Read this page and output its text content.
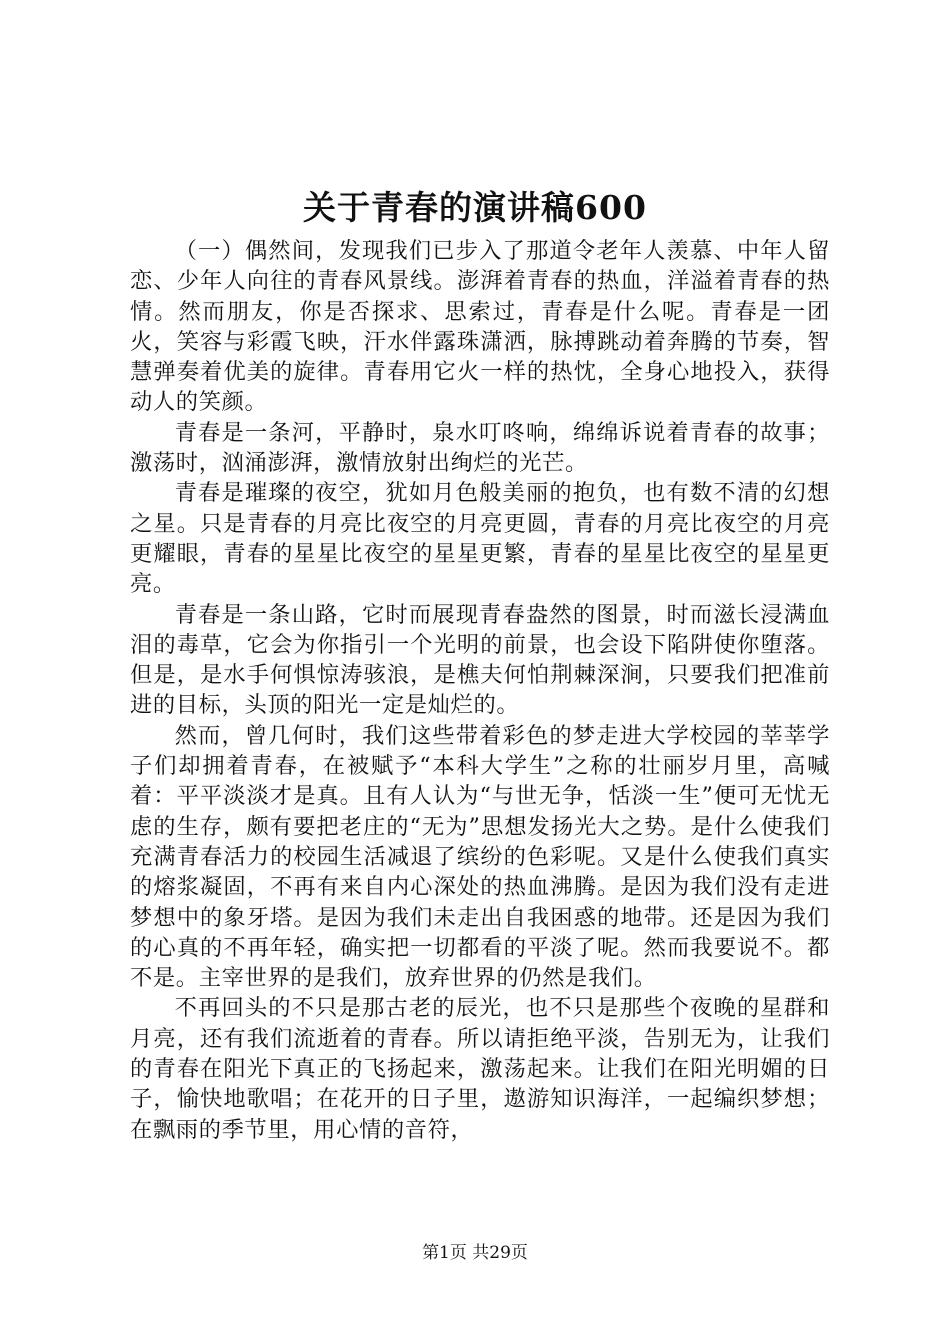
关于青春的演讲稿600

（一）偶然间，发现我们已步入了那道令老年人羡慕、中年人留恋、少年人向往的青春风景线。澎湃着青春的热血，洋溢着青春的热情。然而朋友，你是否探求、思索过，青春是什么呢。青春是一团火，笑容与彩霞飞映，汗水伴露珠潇洒，脉搏跳动着奔腾的节奏，智慧弹奏着优美的旋律。青春用它火一样的热忱，全身心地投入，获得动人的笑颜。

青春是一条河，平静时，泉水叮咚响，绵绵诉说着青春的故事；激荡时，汹涌澎湃，激情放射出绚烂的光芒。

青春是璀璨的夜空，犹如月色般美丽的抱负，也有数不清的幻想之星。只是青春的月亮比夜空的月亮更圆，青春的月亮比夜空的月亮更耀眼，青春的星星比夜空的星星更繁，青春的星星比夜空的星星更亮。

青春是一条山路，它时而展现青春盎然的图景，时而滋长浸满血泪的毒草，它会为你指引一个光明的前景，也会设下陷阱使你堕落。但是，是水手何惧惊涛骇浪，是樵夫何怕荆棘深涧，只要我们把准前进的目标，头顶的阳光一定是灿烂的。

然而，曾几何时，我们这些带着彩色的梦走进大学校园的莘莘学子们却拥着青春，在被赋予“本科大学生”之称的壮丽岁月里，高喊着：平平淡淡才是真。且有人认为“与世无争，恬淡一生”便可无忧无虑的生存，颇有要把老庄的“无为”思想发扬光大之势。是什么使我们充满青春活力的校园生活减退了缤纷的色彩呢。又是什么使我们真实的熔浆凝固，不再有来自内心深处的热血沸腾。是因为我们没有走进梦想中的象牙塔。是因为我们未走出自我困惑的地带。还是因为我们的心真的不再年轻，确实把一切都看的平淡了呢。然而我要说不。都不是。主宰世界的是我们，放弃世界的仍然是我们。

不再回头的不只是那古老的辰光，也不只是那些个夜晚的星群和月亮，还有我们流逝着的青春。所以请拒绝平淡，告别无为，让我们的青春在阳光下真正的飞扬起来，激荡起来。让我们在阳光明媚的日子，愉快地歌唱；在花开的日子里，遨游知识海洋，一起编织梦想；在飘雨的季节里，用心情的音符，

第1页 共29页
